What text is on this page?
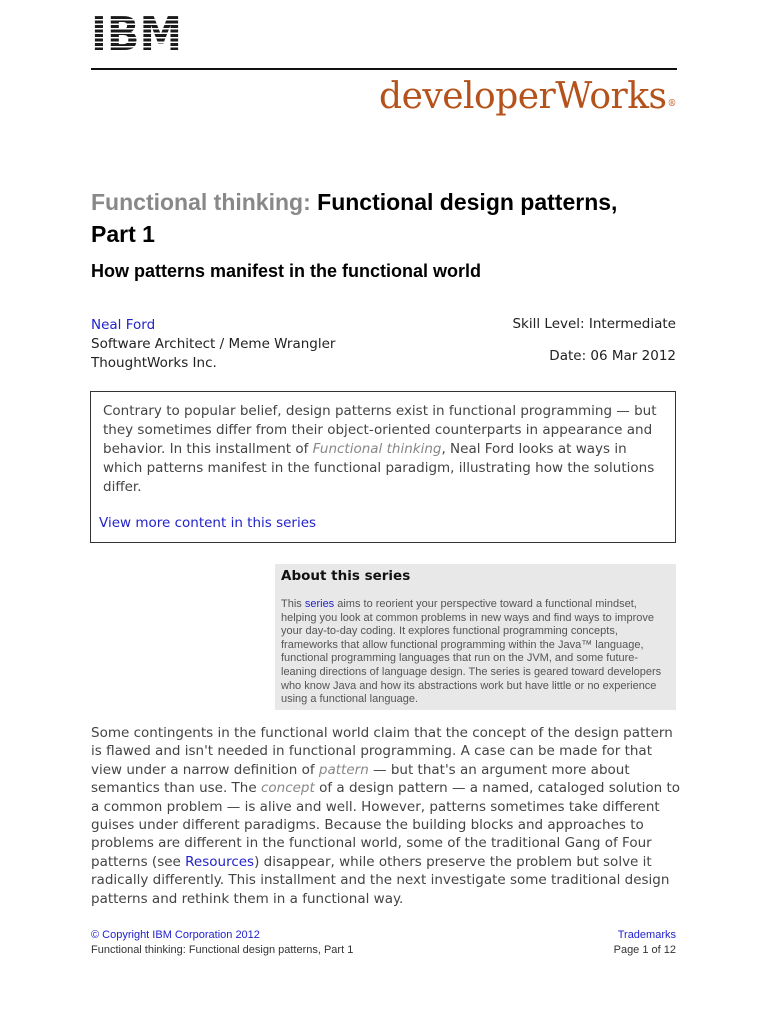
developerWorks®
Functional thinking: Functional design patterns, Part 1
How patterns manifest in the functional world
Neal Ford
Software Architect / Meme Wrangler
ThoughtWorks Inc.
Skill Level: Intermediate
Date: 06 Mar 2012

Contrary to popular belief, design patterns exist in functional programming — but they sometimes differ from their object-oriented counterparts in appearance and behavior. In this installment of Functional thinking, Neal Ford looks at ways in which patterns manifest in the functional paradigm, illustrating how the solutions differ.

View more content in this series
About this series

This series aims to reorient your perspective toward a functional mindset, helping you look at common problems in new ways and find ways to improve your day-to-day coding. It explores functional programming concepts, frameworks that allow functional programming within the Java™ language, functional programming languages that run on the JVM, and some future-leaning directions of language design. The series is geared toward developers who know Java and how its abstractions work but have little or no experience using a functional language.

Some contingents in the functional world claim that the concept of the design pattern is flawed and isn't needed in functional programming. A case can be made for that view under a narrow definition of pattern — but that's an argument more about semantics than use. The concept of a design pattern — a named, cataloged solution to a common problem — is alive and well. However, patterns sometimes take different guises under different paradigms. Because the building blocks and approaches to problems are different in the functional world, some of the traditional Gang of Four patterns (see Resources) disappear, while others preserve the problem but solve it radically differently. This installment and the next investigate some traditional design patterns and rethink them in a functional way.

© Copyright IBM Corporation 2012
Functional thinking: Functional design patterns, Part 1
Trademarks
Page 1 of 12
